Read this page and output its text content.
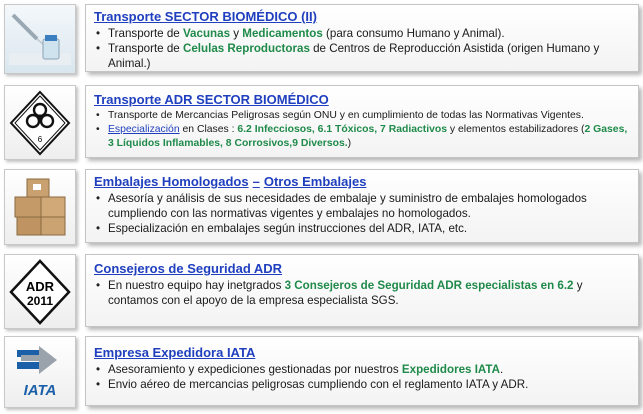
Transporte SECTOR BIOMÉDICO (II)
• Transporte de Vacunas y Medicamentos (para consumo Humano y Animal).
• Transporte de Celulas Reproductoras de Centros de Reproducción Asistida (origen Humano y Animal.)
6
Transporte ADR SECTOR BIOMÉDICO
• Transporte de Mercancias Peligrosas según ONU y en cumplimiento de todas las Normativas Vigentes.
• Especialización en Clases : 6.2 Infecciosos, 6.1 Tóxicos, 7 Radiactivos y elementos estabilizadores (2 Gases, 3 Líquidos Inflamables, 8 Corrosivos,9 Diversos.)
Embalajes Homologados – Otros Embalajes
• Asesoría y análisis de sus necesidades de embalaje y suministro de embalajes homologados cumpliendo con las normativas vigentes y embalajes no homologados.
• Especialización en embalajes según instrucciones del ADR, IATA, etc.
ADR
2011
Consejeros de Seguridad ADR
• En nuestro equipo hay inetgrados 3 Consejeros de Seguridad ADR especialistas en 6.2 y contamos con el apoyo de la empresa especialista SGS.
IATA
Empresa Expedidora IATA
• Asesoramiento y expediciones gestionadas por nuestros Expedidores IATA.
• Envio aéreo de mercancias peligrosas cumpliendo con el reglamento IATA y ADR.
